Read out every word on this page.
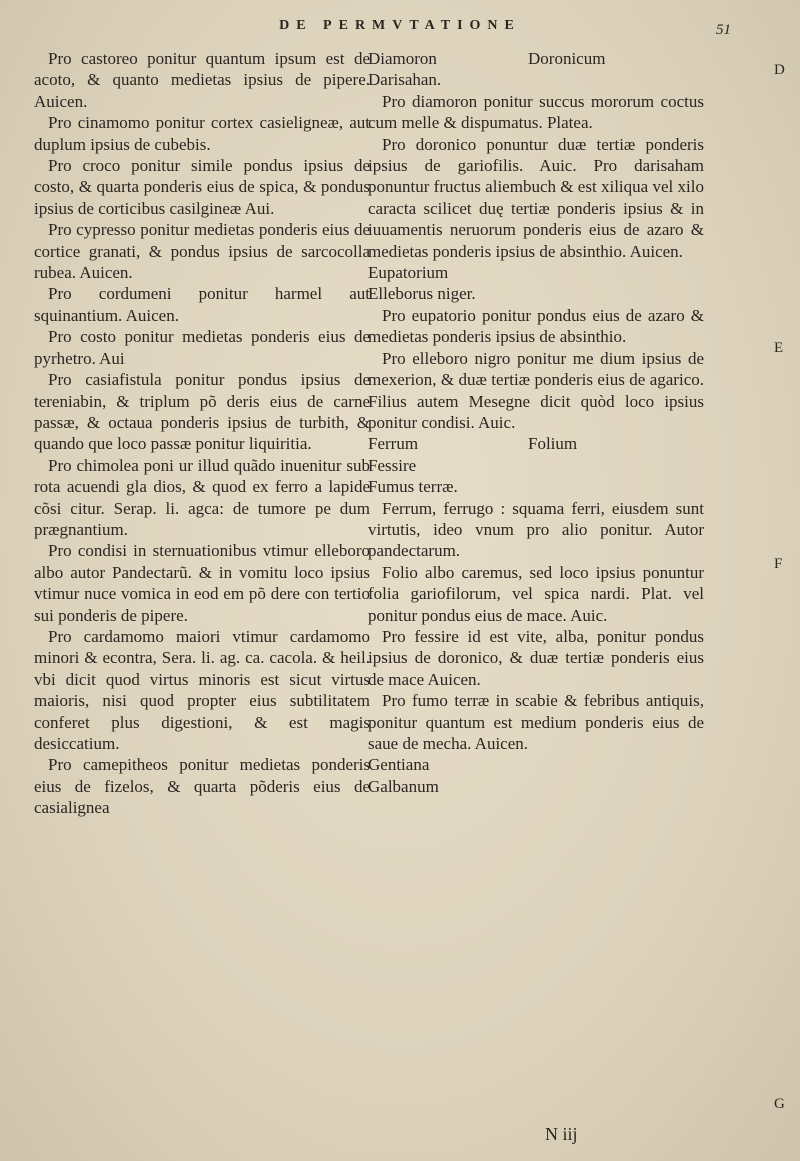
DE PERMVTATIONE	51

Pro castoreo ponitur quantum ipsum est de acoto, & quanto medietas ipsius de pipere. Auicen.

Pro cinamomo ponitur cortex casieligneæ, aut duplum ipsius de cubebis.

Pro croco ponitur simile pondus ipsius de costo, & quarta ponderis eius de spica, & pondus ipsius de corticibus casilgineæ Aui.

Pro cypresso ponitur medietas ponderis eius de cortice granati, & pondus ipsius de sarcocolla rubea. Auicen.

Pro cordumeni ponitur harmel aut squinantium. Auicen.

Pro costo ponitur medietas ponderis eius de pyrhetro. Aui

Pro casiafistula ponitur pondus ipsius de tereniabin, & triplum põ deris eius de carne passæ, & octaua ponderis ipsius de turbith, & quando que loco passæ ponitur liquiritia.

Pro chimolea poni ur illud quãdo inuenitur sub rota acuendi gla dios, & quod ex ferro a lapide cõsi citur. Serap. li. agca: de tumore pe dum prægnantium.

Pro condisi in sternuationibus vtimur elleboro albo autor Pandectarũ. & in vomitu loco ipsius vtimur nuce vomica in eod em põ dere con tertio sui ponderis de pipere.

Pro cardamomo maiori vtimur cardamomo minori & econtra, Sera. li. ag. ca. cacola. & heil. vbi dicit quod virtus minoris est sicut virtus maioris, nisi quod propter eius subtilitatem conferet plus digestioni, & est magis desiccatium.

Pro camepitheos ponitur medietas ponderis eius de fizelos, & quarta põderis eius de casialignea

Diamoron	Doronicum

Darisahan.

Pro diamoron ponitur succus mororum coctus cum melle & dispumatus. Platea.

Pro doronico ponuntur duæ tertiæ ponderis ipsius de gariofilis. Auic. Pro darisaham ponuntur fructus aliembuch & est xiliqua vel xilo caracta scilicet duę tertiæ ponderis ipsius & in iuuamentis neruorum ponderis eius de azaro & medietas ponderis ipsius de absinthio. Auicen.

Eupatorium

Elleborus niger.

Pro eupatorio ponitur pondus eius de azaro & medietas ponderis ipsius de absinthio.

Pro elleboro nigro ponitur me dium ipsius de mexerion, & duæ tertiæ ponderis eius de agarico. Filius autem Mesegne dicit quòd loco ipsius ponitur condisi. Auic.

Ferrum	Folium

Fessire

Fumus terræ.

Ferrum, ferrugo : squama ferri, eiusdem sunt virtutis, ideo vnum pro alio ponitur. Autor pandectarum.

Folio albo caremus, sed loco ipsius ponuntur folia gariofilorum, vel spica nardi. Plat. vel ponitur pondus eius de mace. Auic.

Pro fessire id est vite, alba, ponitur pondus ipsius de doronico, & duæ tertiæ ponderis eius de mace Auicen.

Pro fumo terræ in scabie & febribus antiquis, ponitur quantum est medium ponderis eius de saue de mecha. Auicen.

Gentiana

Galbanum

D
E
F
G
N iij
